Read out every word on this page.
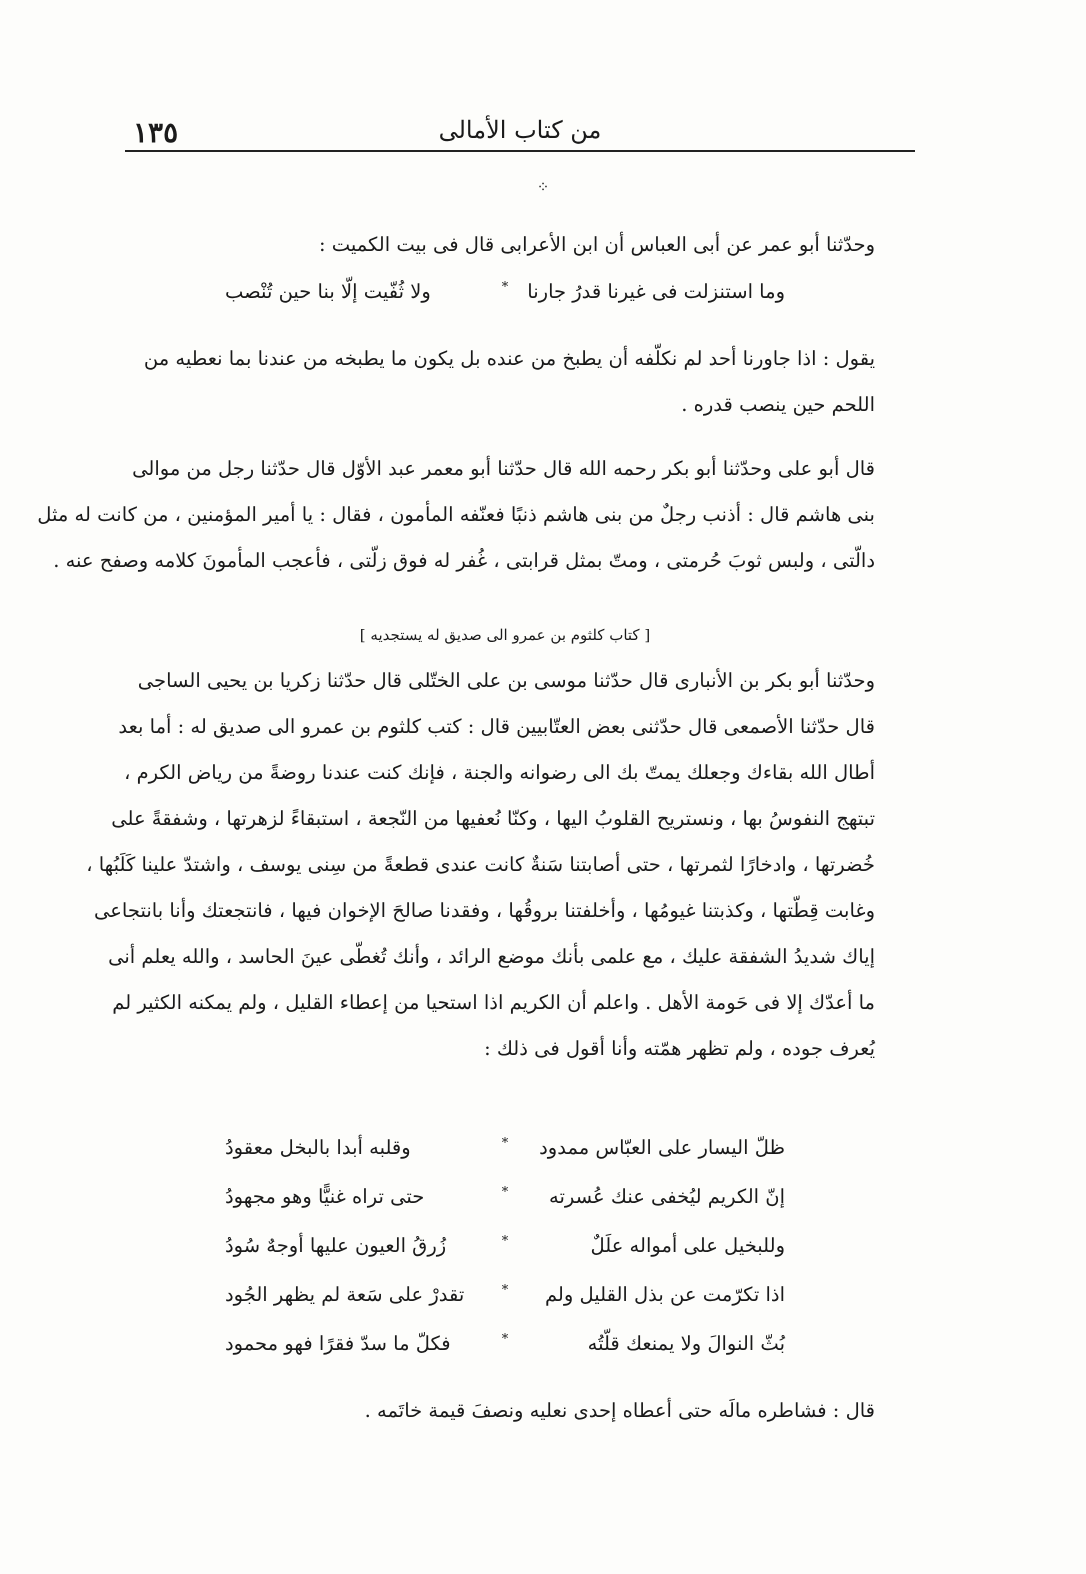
١٣٥	من كتاب الأمالى
⁘
وحدّثنا أبو عمر عن أبى العباس أن ابن الأعرابى قال فى بيت الكميت :
وما استنزلت فى غيرنا قدرُ جارنا
*
ولا ثُفّيت إلّا بنا حين تُنْصب
يقول : اذا جاورنا أحد لم نكلّفه أن يطبخ من عنده بل يكون ما يطبخه من عندنا بما نعطيه من
اللحم حين ينصب قدره .
قال أبو على وحدّثنا أبو بكر رحمه الله قال حدّثنا أبو معمر عبد الأوّل قال حدّثنا رجل من موالى
بنى هاشم قال : أذنب رجلٌ من بنى هاشم ذنبًا فعنّفه المأمون ، فقال : يا أمير المؤمنين ، من كانت له مثل
دالّتى ، ولبس ثوبَ حُرمتى ، ومتّ بمثل قرابتى ، غُفر له فوق زلّتى ، فأعجب المأمونَ كلامه وصفح عنه .
[ كتاب كلثوم بن عمرو الى صديق له يستجديه ]
وحدّثنا أبو بكر بن الأنبارى قال حدّثنا موسى بن على الختّلى قال حدّثنا زكريا بن يحيى الساجى
قال حدّثنا الأصمعى قال حدّثنى بعض العتّابيين قال : كتب كلثوم بن عمرو الى صديق له : أما بعد
أطال الله بقاءك وجعلك يمتّ بك الى رضوانه والجنة ، فإنك كنت عندنا روضةً من رياض الكرم ،
تبتهج النفوسُ بها ، ونستريح القلوبُ اليها ، وكنّا نُعفيها من النّجعة ، استبقاءً لزهرتها ، وشفقةً على
خُضرتها ، وادخارًا لثمرتها ، حتى أصابتنا سَنةٌ كانت عندى قطعةً من سِنى يوسف ، واشتدّ علينا كَلَبُها ،
وغابت قِطّتها ، وكذبتنا غيومُها ، وأخلفتنا بروقُها ، وفقدنا صالحَ الإخوان فيها ، فانتجعتك وأنا بانتجاعى
إياك شديدُ الشفقة عليك ، مع علمى بأنك موضع الرائد ، وأنك تُغطّى عينَ الحاسد ، والله يعلم أنى
ما أعدّك إلا فى حَومة الأهل . واعلم أن الكريم اذا استحيا من إعطاء القليل ، ولم يمكنه الكثير لم
يُعرف جوده ، ولم تظهر همّته وأنا أقول فى ذلك :
ظلّ اليسار على العبّاس ممدود
*
وقلبه أبدا بالبخل معقودُ
إنّ الكريم ليُخفى عنك عُسرته
*
حتى تراه غنيًّا وهو مجهودُ
وللبخيل على أمواله علَلٌ
*
زُرقُ العيون عليها أوجهٌ سُودُ
اذا تكرّمت عن بذل القليل ولم
*
تقدرْ على سَعة لم يظهر الجُود
بُثّ النوالَ ولا يمنعك قلّتُه
*
فكلّ ما سدّ فقرًا فهو محمود
قال : فشاطره مالَه حتى أعطاه إحدى نعليه ونصفَ قيمة خاتَمه .
